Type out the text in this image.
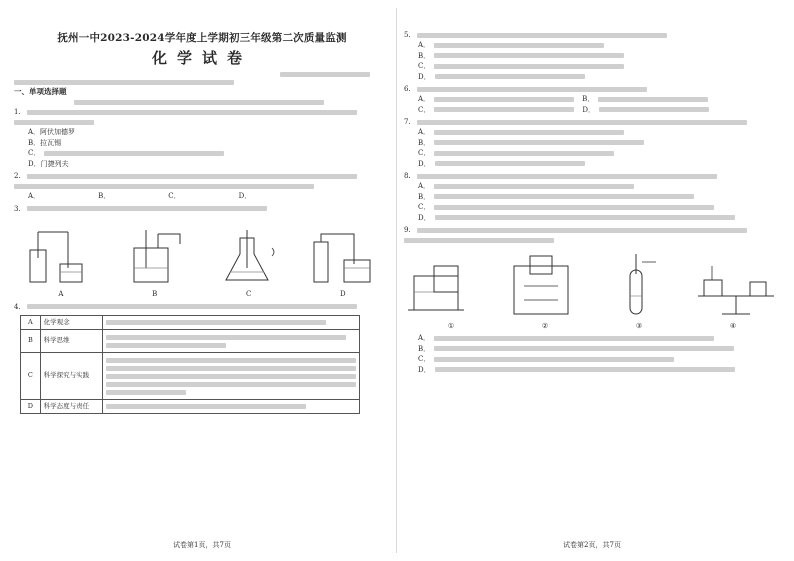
抚州一中2023-2024学年度上学期初三年级第二次质量监测
化学试卷
一、单项选择题
1.
A．阿伏加德罗
B．拉瓦锡
C．
D．门捷列夫
2.
A．	B．	C．	D．
3.
A	B	C	D
4.
A	化学观念	

B	科学思维	

C	科学探究与实践	

D	科学态度与责任	
试卷第1页，共7页
5.
A．
B．
C．
D．
6.
A．	B．
C．	D．
7.
A．
B．
C．
D．
8.
A．
B．
C．
D．
9.
①	②	③	④
A．
B．
C．
D．
试卷第2页，共7页
